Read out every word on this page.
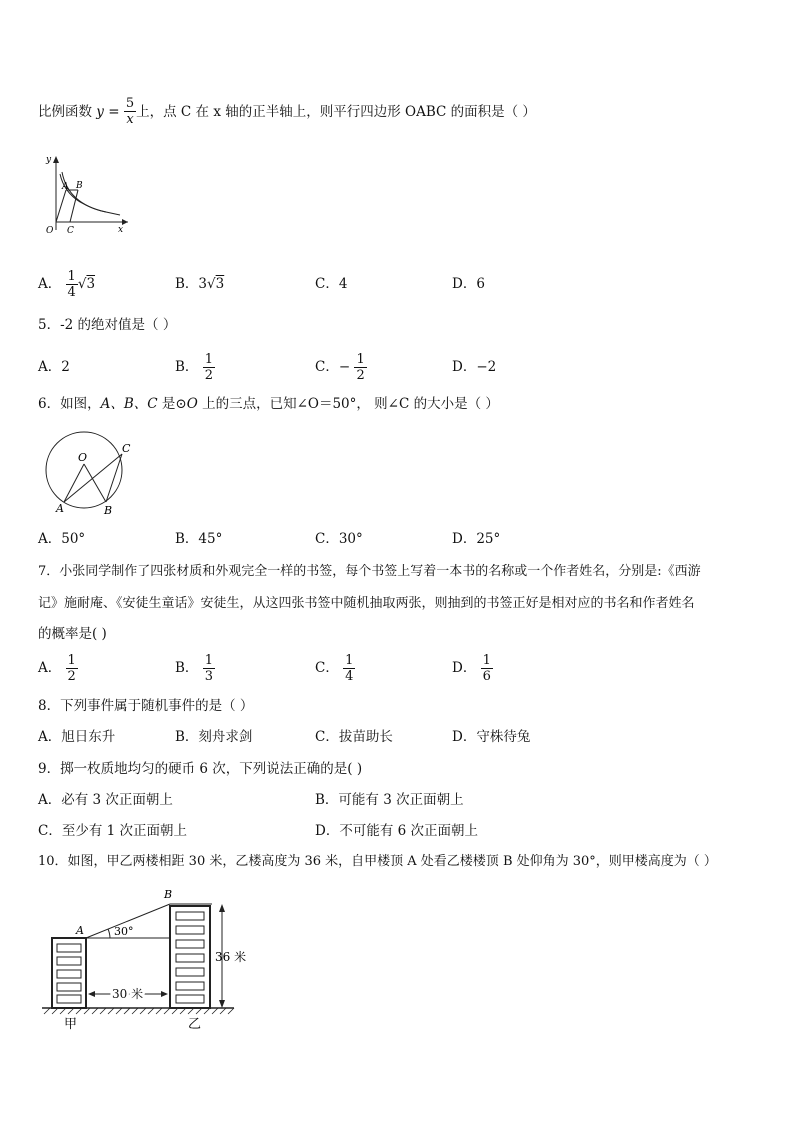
比例函数 $y = \frac{5}{x}$ 上，点 C 在 x 轴的正半轴上，则平行四边形 OABC 的面积是（ ）
y
x
O
A B
C
A． $\frac{1}{4} √3$	B．3√3	C．4	D．6
5．-2 的绝对值是（ ）
A．2	B． $\frac{1}{2}$	C．− $\frac{1}{2}$	D．−2
6．如图，A、B、C 是⊙O 上的三点，已知∠O＝50°， 则∠C 的大小是（ ）
O
A	B
C
A．50°	B．45°	C．30°	D．25°
7．小张同学制作了四张材质和外观完全一样的书签，每个书签上写着一本书的名称或一个作者姓名，分别是:《西游
记》施耐庵、《安徒生童话》安徒生，从这四张书签中随机抽取两张，则抽到的书签正好是相对应的书名和作者姓名
的概率是( )
A． $\frac{1}{2}$	B． $\frac{1}{3}$	C． $\frac{1}{4}$	D． $\frac{1}{6}$
8．下列事件属于随机事件的是（ ）
A．旭日东升	B．刻舟求剑	C．拔苗助长	D．守株待兔
9．掷一枚质地均匀的硬币 6 次，下列说法正确的是( )
A．必有 3 次正面朝上	B．可能有 3 次正面朝上
C．至少有 1 次正面朝上	D．不可能有 6 次正面朝上
10．如图，甲乙两楼相距 30 米，乙楼高度为 36 米，自甲楼顶 A 处看乙楼楼顶 B 处仰角为 30°，则甲楼高度为（ ）
A
B
30°
30 米
36 米
甲	乙
